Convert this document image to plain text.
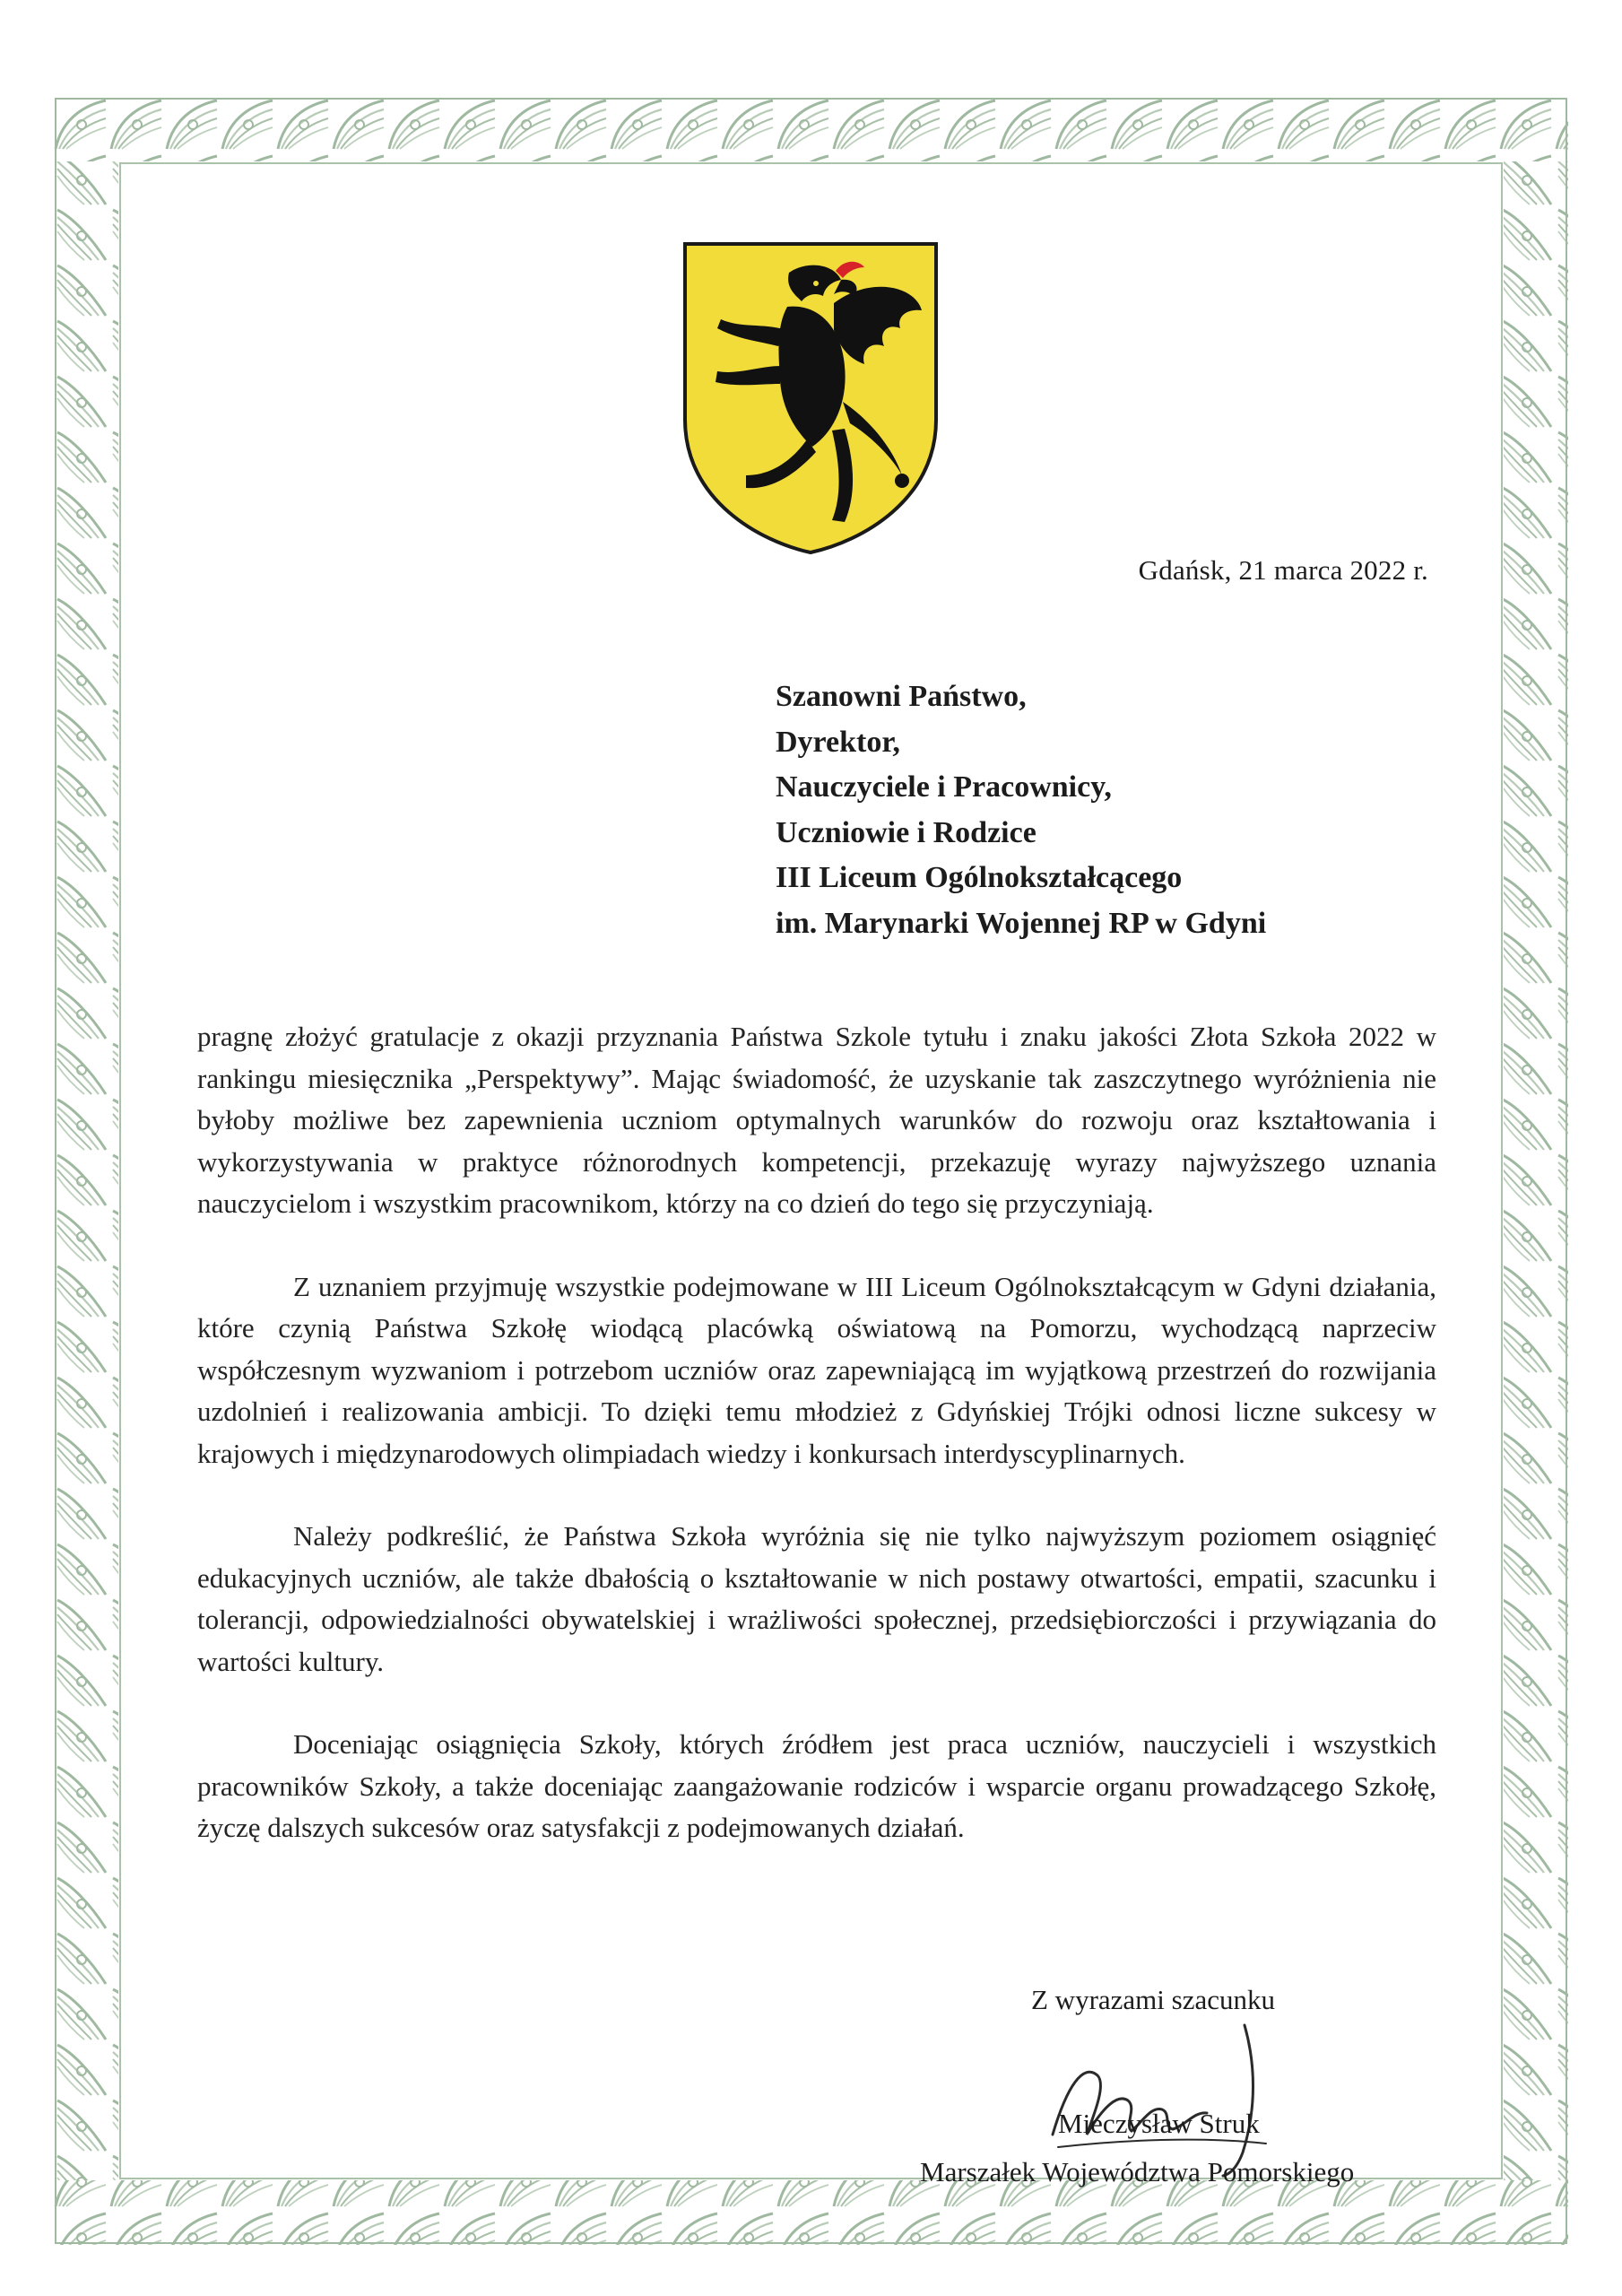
Gdańsk, 21 marca 2022 r.
Szanowni Państwo,
Dyrektor,
Nauczyciele i Pracownicy,
Uczniowie i Rodzice
III Liceum Ogólnokształcącego
im. Marynarki Wojennej RP w Gdyni

pragnę złożyć gratulacje z okazji przyznania Państwa Szkole tytułu i znaku jakości Złota Szkoła 2022 w rankingu miesięcznika „Perspektywy”. Mając świadomość, że uzyskanie tak zaszczytnego wyróżnienia nie byłoby możliwe bez zapewnienia uczniom optymalnych warunków do rozwoju oraz kształtowania i wykorzystywania w praktyce różnorodnych kompetencji, przekazuję wyrazy najwyższego uznania nauczycielom i wszystkim pracownikom, którzy na co dzień do tego się przyczyniają.

Z uznaniem przyjmuję wszystkie podejmowane w III Liceum Ogólnokształcącym w Gdyni działania, które czynią Państwa Szkołę wiodącą placówką oświatową na Pomorzu, wychodzącą naprzeciw współczesnym wyzwaniom i potrzebom uczniów oraz zapewniającą im wyjątkową przestrzeń do rozwijania uzdolnień i realizowania ambicji. To dzięki temu młodzież z Gdyńskiej Trójki odnosi liczne sukcesy w krajowych i międzynarodowych olimpiadach wiedzy i konkursach interdyscyplinarnych.

Należy podkreślić, że Państwa Szkoła wyróżnia się nie tylko najwyższym poziomem osiągnięć edukacyjnych uczniów, ale także dbałością o kształtowanie w nich postawy otwartości, empatii, szacunku i tolerancji, odpowiedzialności obywatelskiej i wrażliwości społecznej, przedsiębiorczości i przywiązania do wartości kultury.

Doceniając osiągnięcia Szkoły, których źródłem jest praca uczniów, nauczycieli i wszystkich pracowników Szkoły, a także doceniając zaangażowanie rodziców i wsparcie organu prowadzącego Szkołę, życzę dalszych sukcesów oraz satysfakcji z podejmowanych działań.

Z wyrazami szacunku
Mieczysław Struk
Marszałek Województwa Pomorskiego
